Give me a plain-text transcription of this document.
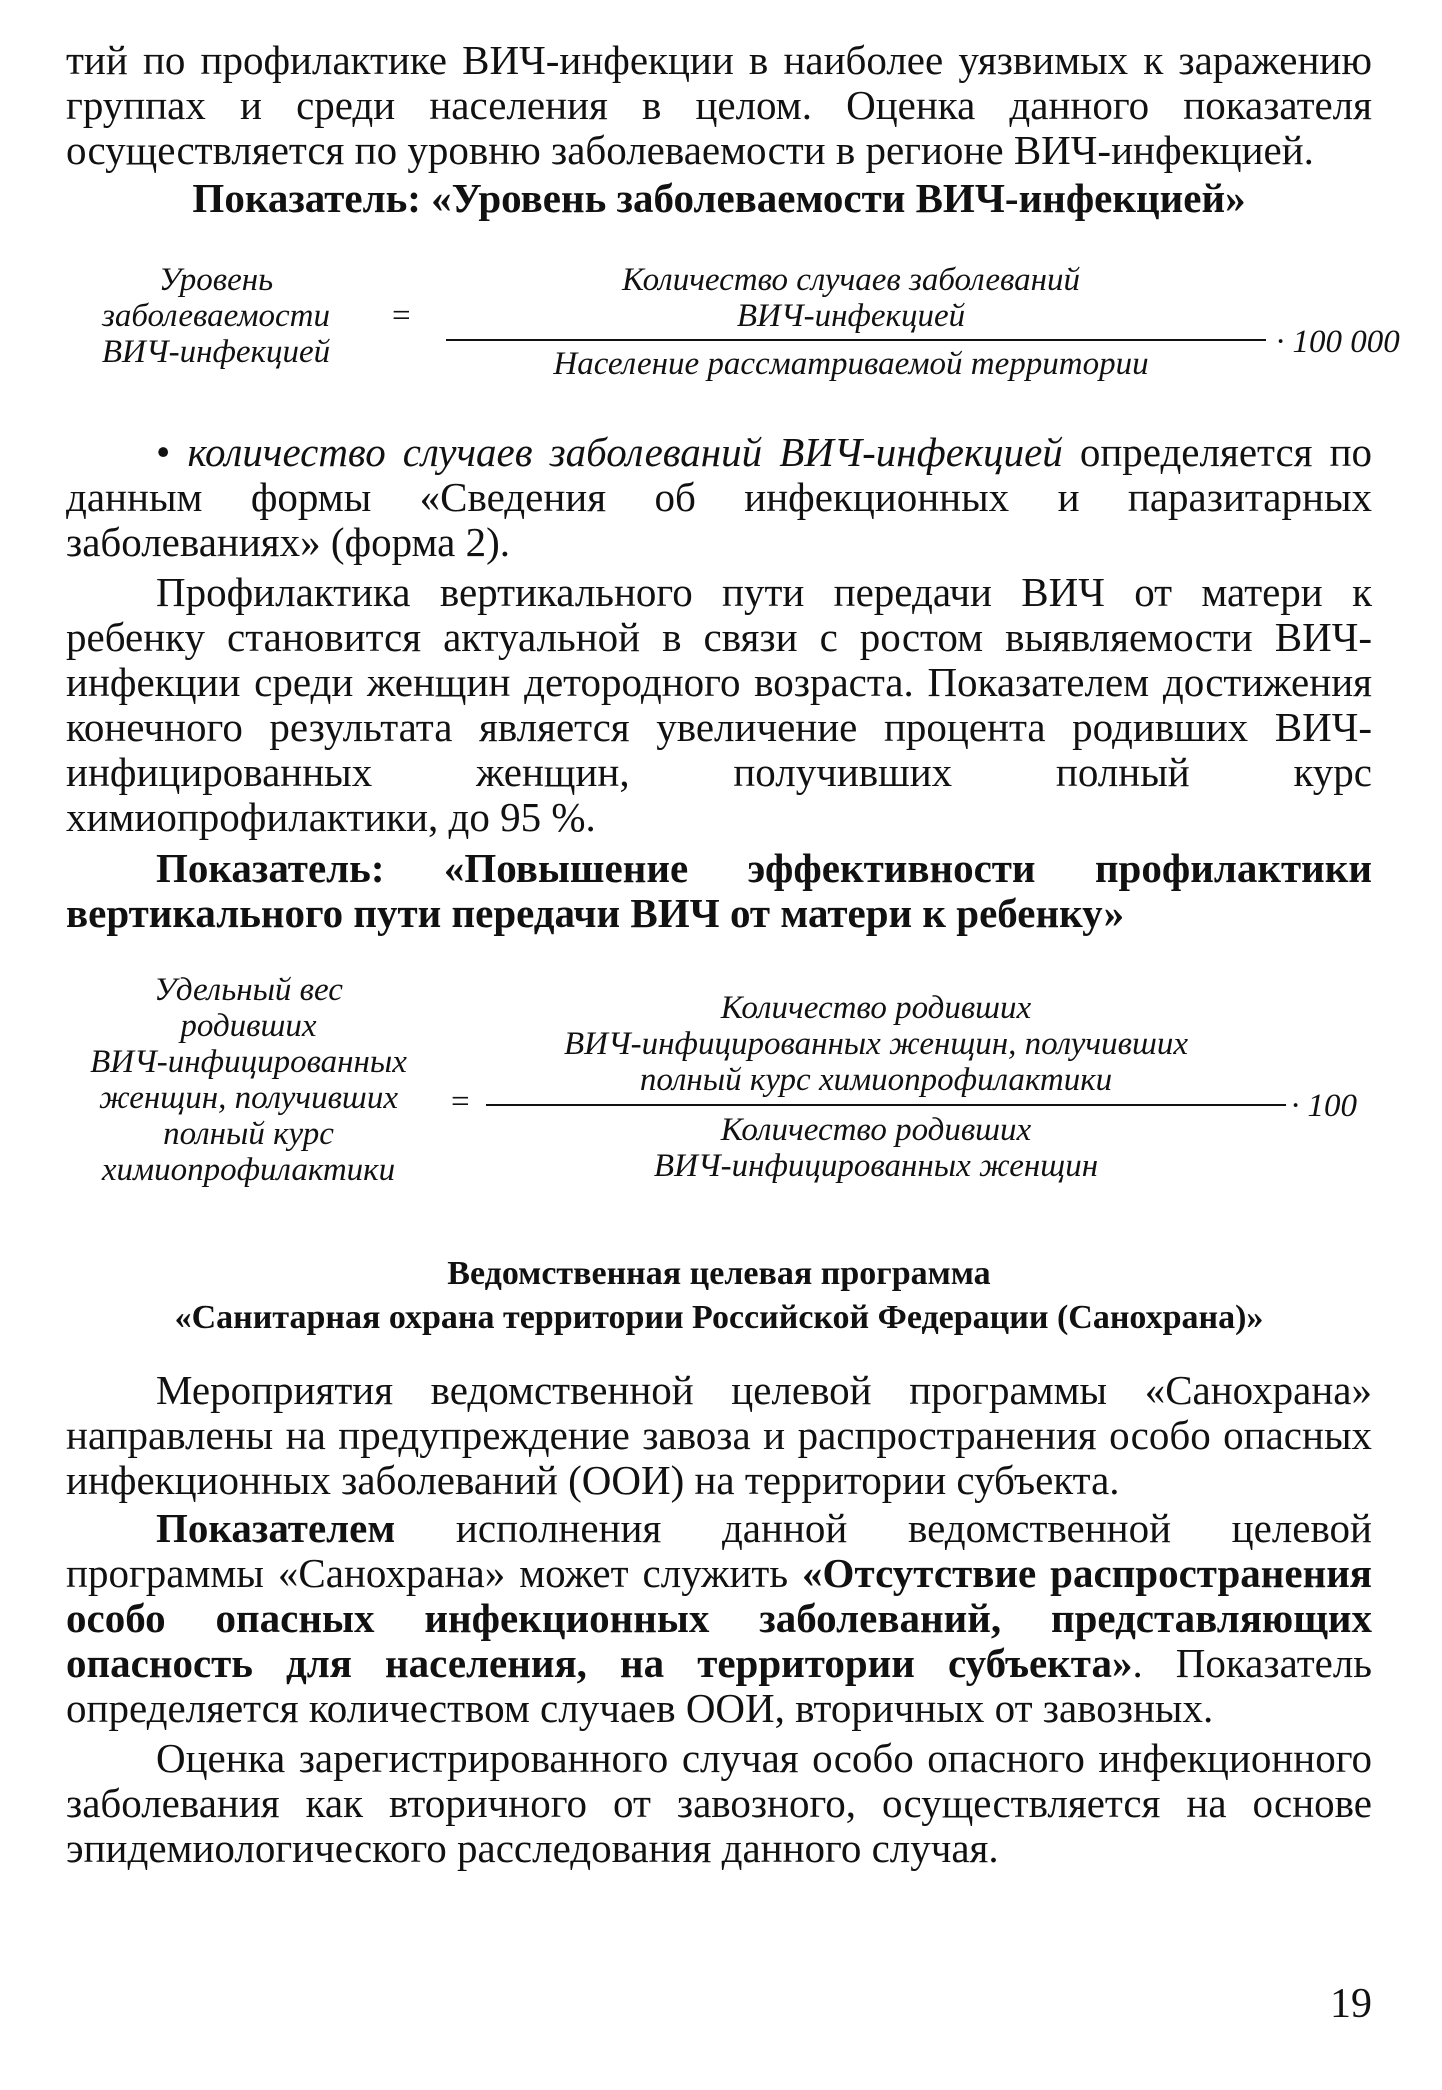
тий по профилактике ВИЧ-инфекции в наиболее уязвимых к заражению группах и среди населения в целом. Оценка данного показателя осуществляется по уровню заболеваемости в регионе ВИЧ-инфекцией.

Показатель: «Уровень заболеваемости ВИЧ-инфекцией»

Уровень
заболеваемости
ВИЧ-инфекцией
=
Количество случаев заболеваний
ВИЧ-инфекцией
Население рассматриваемой территории
· 100 000

• количество случаев заболеваний ВИЧ-инфекцией определяется по данным формы «Сведения об инфекционных и паразитарных заболеваниях» (форма 2).

Профилактика вертикального пути передачи ВИЧ от матери к ребенку становится актуальной в связи с ростом выявляемости ВИЧ-инфекции среди женщин детородного возраста. Показателем достижения конечного результата является увеличение процента родивших ВИЧ-инфицированных женщин, получивших полный курс химиопрофилактики, до 95 %.

Показатель: «Повышение эффективности профилактики вертикального пути передачи ВИЧ от матери к ребенку»

Удельный вес
родивших
ВИЧ-инфицированных
женщин, получивших
полный курс
химиопрофилактики
=
Количество родивших
ВИЧ-инфицированных женщин, получивших
полный курс химиопрофилактики
Количество родивших
ВИЧ-инфицированных женщин
· 100

Ведомственная целевая программа

«Санитарная охрана территории Российской Федерации (Санохрана)»

Мероприятия ведомственной целевой программы «Санохрана» направлены на предупреждение завоза и распространения особо опасных инфекционных заболеваний (ООИ) на территории субъекта.

Показателем исполнения данной ведомственной целевой программы «Санохрана» может служить «Отсутствие распространения особо опасных инфекционных заболеваний, представляющих опасность для населения, на территории субъекта». Показатель определяется количеством случаев ООИ, вторичных от завозных.

Оценка зарегистрированного случая особо опасного инфекционного заболевания как вторичного от завозного, осуществляется на основе эпидемиологического расследования данного случая.

19
